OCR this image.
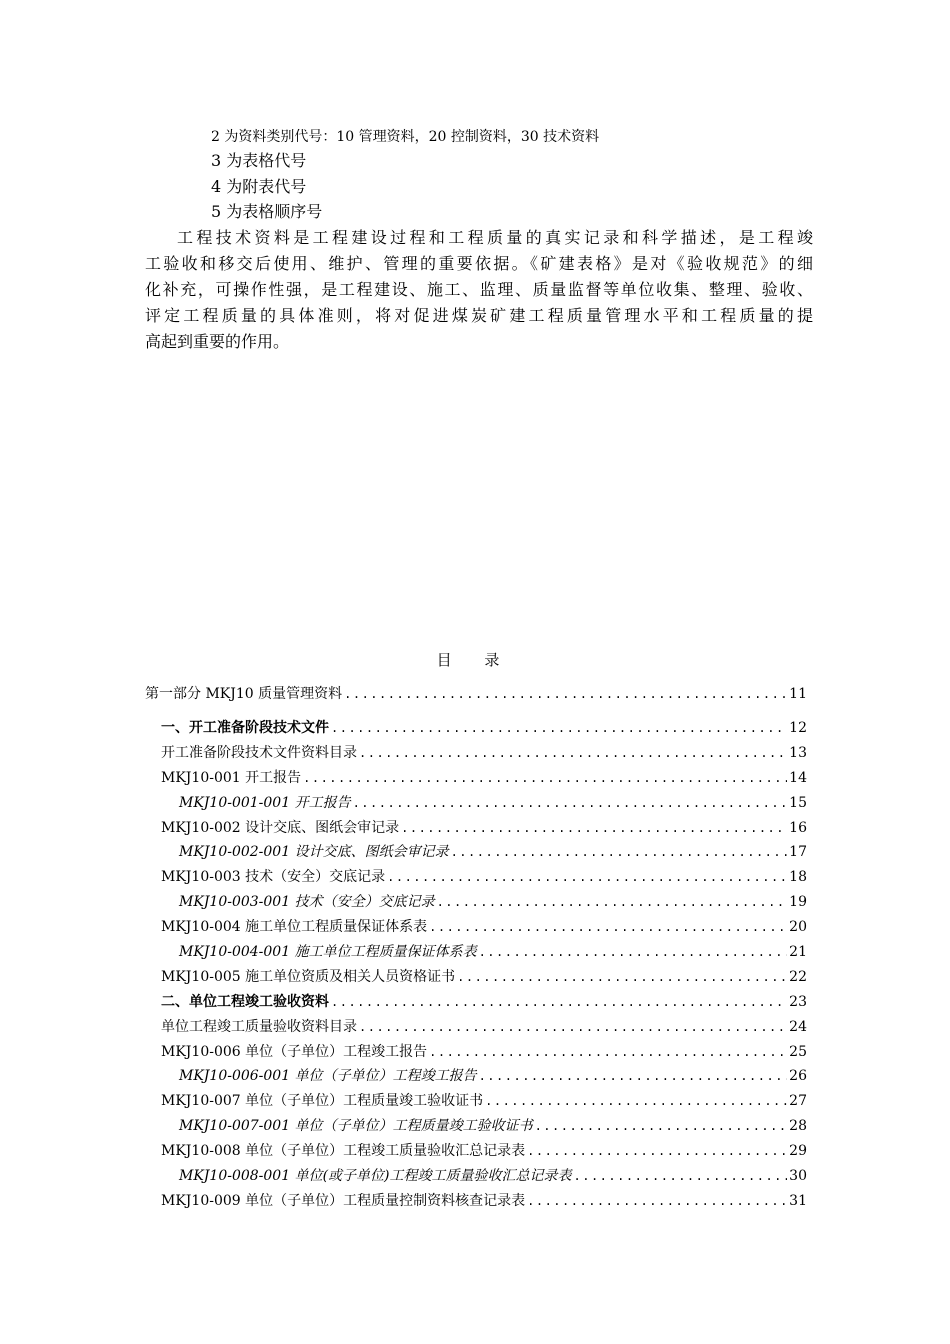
2 为资料类别代号：10 管理资料，20 控制资料，30 技术资料
3 为表格代号
4 为附表代号
5 为表格顺序号
工程技术资料是工程建设过程和工程质量的真实记录和科学描述，是工程竣
工验收和移交后使用、维护、管理的重要依据。《矿建表格》是对《验收规范》的细
化补充，可操作性强，是工程建设、施工、监理、质量监督等单位收集、整理、验收、
评定工程质量的具体准则，将对促进煤炭矿建工程质量管理水平和工程质量的提
高起到重要的作用。
目 录
第一部分 MKJ10 质量管理资料 .....	11
一、开工准备阶段技术文件 .....	12
开工准备阶段技术文件资料目录 .....	13
MKJ10-001 开工报告 .....	14
MKJ10-001-001 开工报告 .....	15
MKJ10-002 设计交底、图纸会审记录 .....	16
MKJ10-002-001 设计交底、图纸会审记录 .....	17
MKJ10-003 技术（安全）交底记录 .....	18
MKJ10-003-001 技术（安全）交底记录 .....	19
MKJ10-004 施工单位工程质量保证体系表 .....	20
MKJ10-004-001 施工单位工程质量保证体系表 .....	21
MKJ10-005 施工单位资质及相关人员资格证书 .....	22
二、单位工程竣工验收资料 .....	23
单位工程竣工质量验收资料目录 .....	24
MKJ10-006 单位（子单位）工程竣工报告 .....	25
MKJ10-006-001 单位（子单位）工程竣工报告 .....	26
MKJ10-007 单位（子单位）工程质量竣工验收证书 .....	27
MKJ10-007-001 单位（子单位）工程质量竣工验收证书 .....	28
MKJ10-008 单位（子单位）工程竣工质量验收汇总记录表 .....	29
MKJ10-008-001 单位(或子单位)工程竣工质量验收汇总记录表 .....	30
MKJ10-009 单位（子单位）工程质量控制资料核查记录表 .....	31
